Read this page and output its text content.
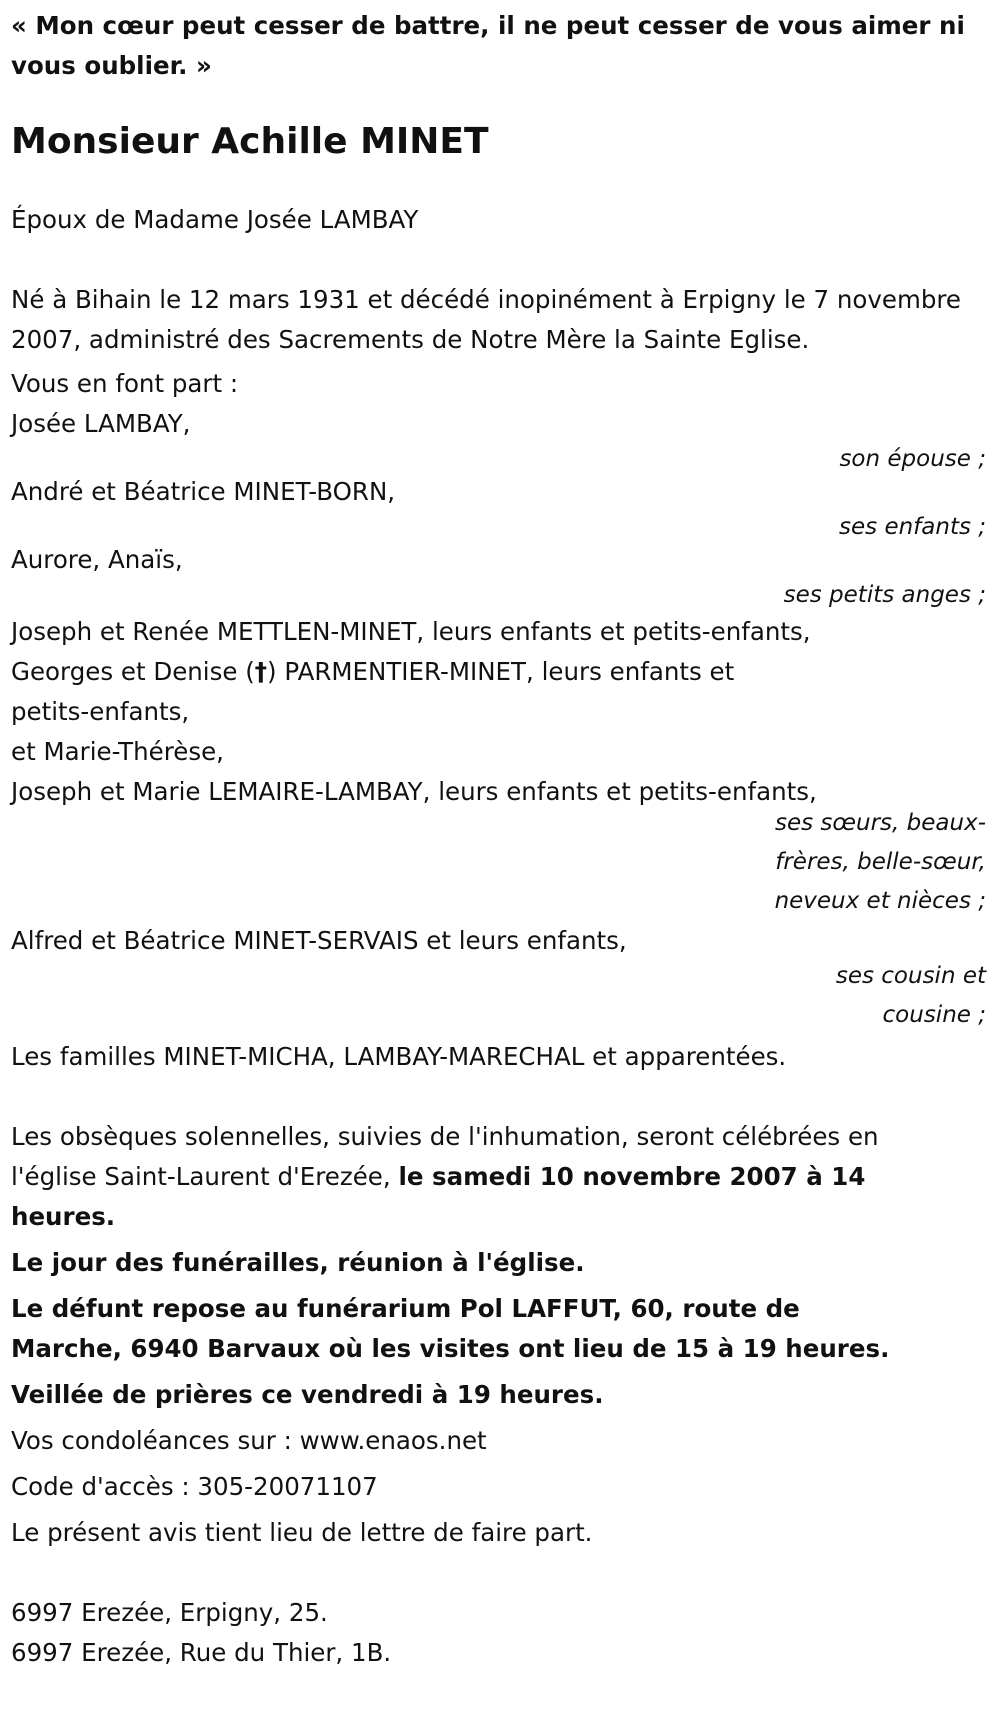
« Mon cœur peut cesser de battre, il ne peut cesser de vous aimer ni vous oublier. »
Monsieur Achille MINET
Époux de Madame Josée LAMBAY
Né à Bihain le 12 mars 1931 et décédé inopinément à Erpigny le 7 novembre 2007, administré des Sacrements de Notre Mère la Sainte Eglise.
Vous en font part :
Josée LAMBAY,
son épouse ;
André et Béatrice MINET-BORN,
ses enfants ;
Aurore, Anaïs,
ses petits anges ;
Joseph et Renée METTLEN-MINET, leurs enfants et petits-enfants,
Georges et Denise (†) PARMENTIER-MINET, leurs enfants et petits-enfants,
et Marie-Thérèse,
Joseph et Marie LEMAIRE-LAMBAY, leurs enfants et petits-enfants,
ses sœurs, beaux-frères, belle-sœur, neveux et nièces ;
Alfred et Béatrice MINET-SERVAIS et leurs enfants,
ses cousin et cousine ;
Les familles MINET-MICHA, LAMBAY-MARECHAL et apparentées.
Les obsèques solennelles, suivies de l'inhumation, seront célébrées en l'église Saint-Laurent d'Erezée, le samedi 10 novembre 2007 à 14 heures.
Le jour des funérailles, réunion à l'église.
Le défunt repose au funérarium Pol LAFFUT, 60, route de Marche, 6940 Barvaux où les visites ont lieu de 15 à 19 heures.
Veillée de prières ce vendredi à 19 heures.
Vos condoléances sur : www.enaos.net
Code d'accès : 305-20071107
Le présent avis tient lieu de lettre de faire part.
6997 Erezée, Erpigny, 25.
6997 Erezée, Rue du Thier, 1B.
